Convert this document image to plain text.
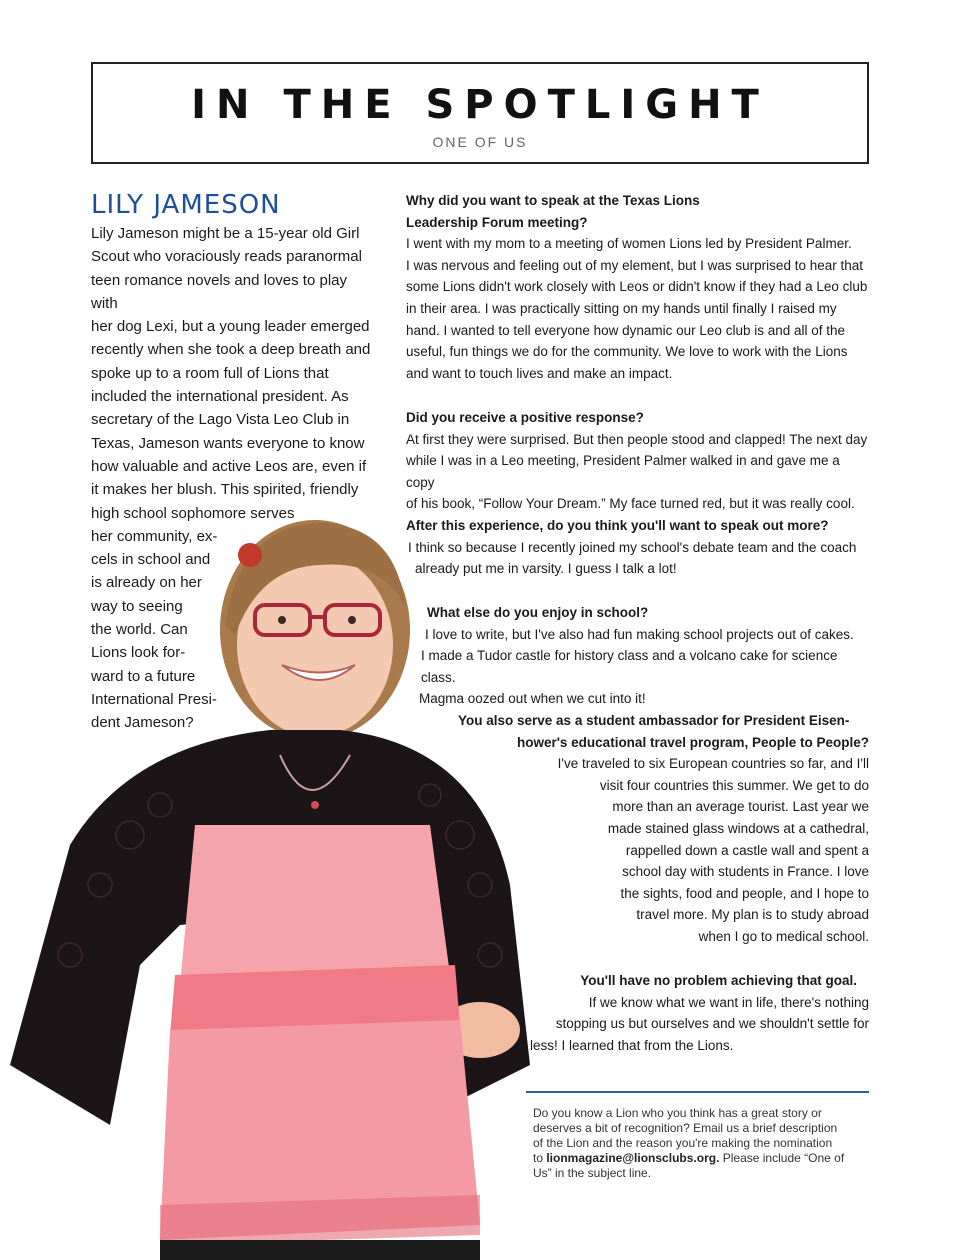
IN THE SPOTLIGHT
ONE OF US
LILY JAMESON

Lily Jameson might be a 15-year old Girl

Scout who voraciously reads paranormal

teen romance novels and loves to play with

her dog Lexi, but a young leader emerged

recently when she took a deep breath and

spoke up to a room full of Lions that

included the international president. As

secretary of the Lago Vista Leo Club in

Texas, Jameson wants everyone to know

how valuable and active Leos are, even if

it makes her blush. This spirited, friendly

high school sophomore serves

her community, ex-

cels in school and

is already on her

way to seeing

the world. Can

Lions look for-

ward to a future

International Presi-

dent Jameson?

Why did you want to speak at the Texas Lions

Leadership Forum meeting?

I went with my mom to a meeting of women Lions led by President Palmer.

I was nervous and feeling out of my element, but I was surprised to hear that

some Lions didn't work closely with Leos or didn't know if they had a Leo club

in their area. I was practically sitting on my hands until finally I raised my

hand. I wanted to tell everyone how dynamic our Leo club is and all of the

useful, fun things we do for the community. We love to work with the Lions

and want to touch lives and make an impact.

Did you receive a positive response?

At first they were surprised. But then people stood and clapped! The next day

while I was in a Leo meeting, President Palmer walked in and gave me a copy

of his book, “Follow Your Dream.” My face turned red, but it was really cool.

After this experience, do you think you'll want to speak out more?

I think so because I recently joined my school's debate team and the coach

already put me in varsity. I guess I talk a lot!

What else do you enjoy in school?

I love to write, but I've also had fun making school projects out of cakes.

I made a Tudor castle for history class and a volcano cake for science class.

Magma oozed out when we cut into it!

You also serve as a student ambassador for President Eisen-

hower's educational travel program, People to People?

I've traveled to six European countries so far, and I'll

visit four countries this summer. We get to do

more than an average tourist. Last year we

made stained glass windows at a cathedral,

rappelled down a castle wall and spent a

school day with students in France. I love

the sights, food and people, and I hope to

travel more. My plan is to study abroad

when I go to medical school.

You'll have no problem achieving that goal.

If we know what we want in life, there's nothing

stopping us but ourselves and we shouldn't settle for

less! I learned that from the Lions.

Do you know a Lion who you think has a great story or
deserves a bit of recognition? Email us a brief description
of the Lion and the reason you're making the nomination
to lionmagazine@lionsclubs.org. Please include “One of
Us” in the subject line.
